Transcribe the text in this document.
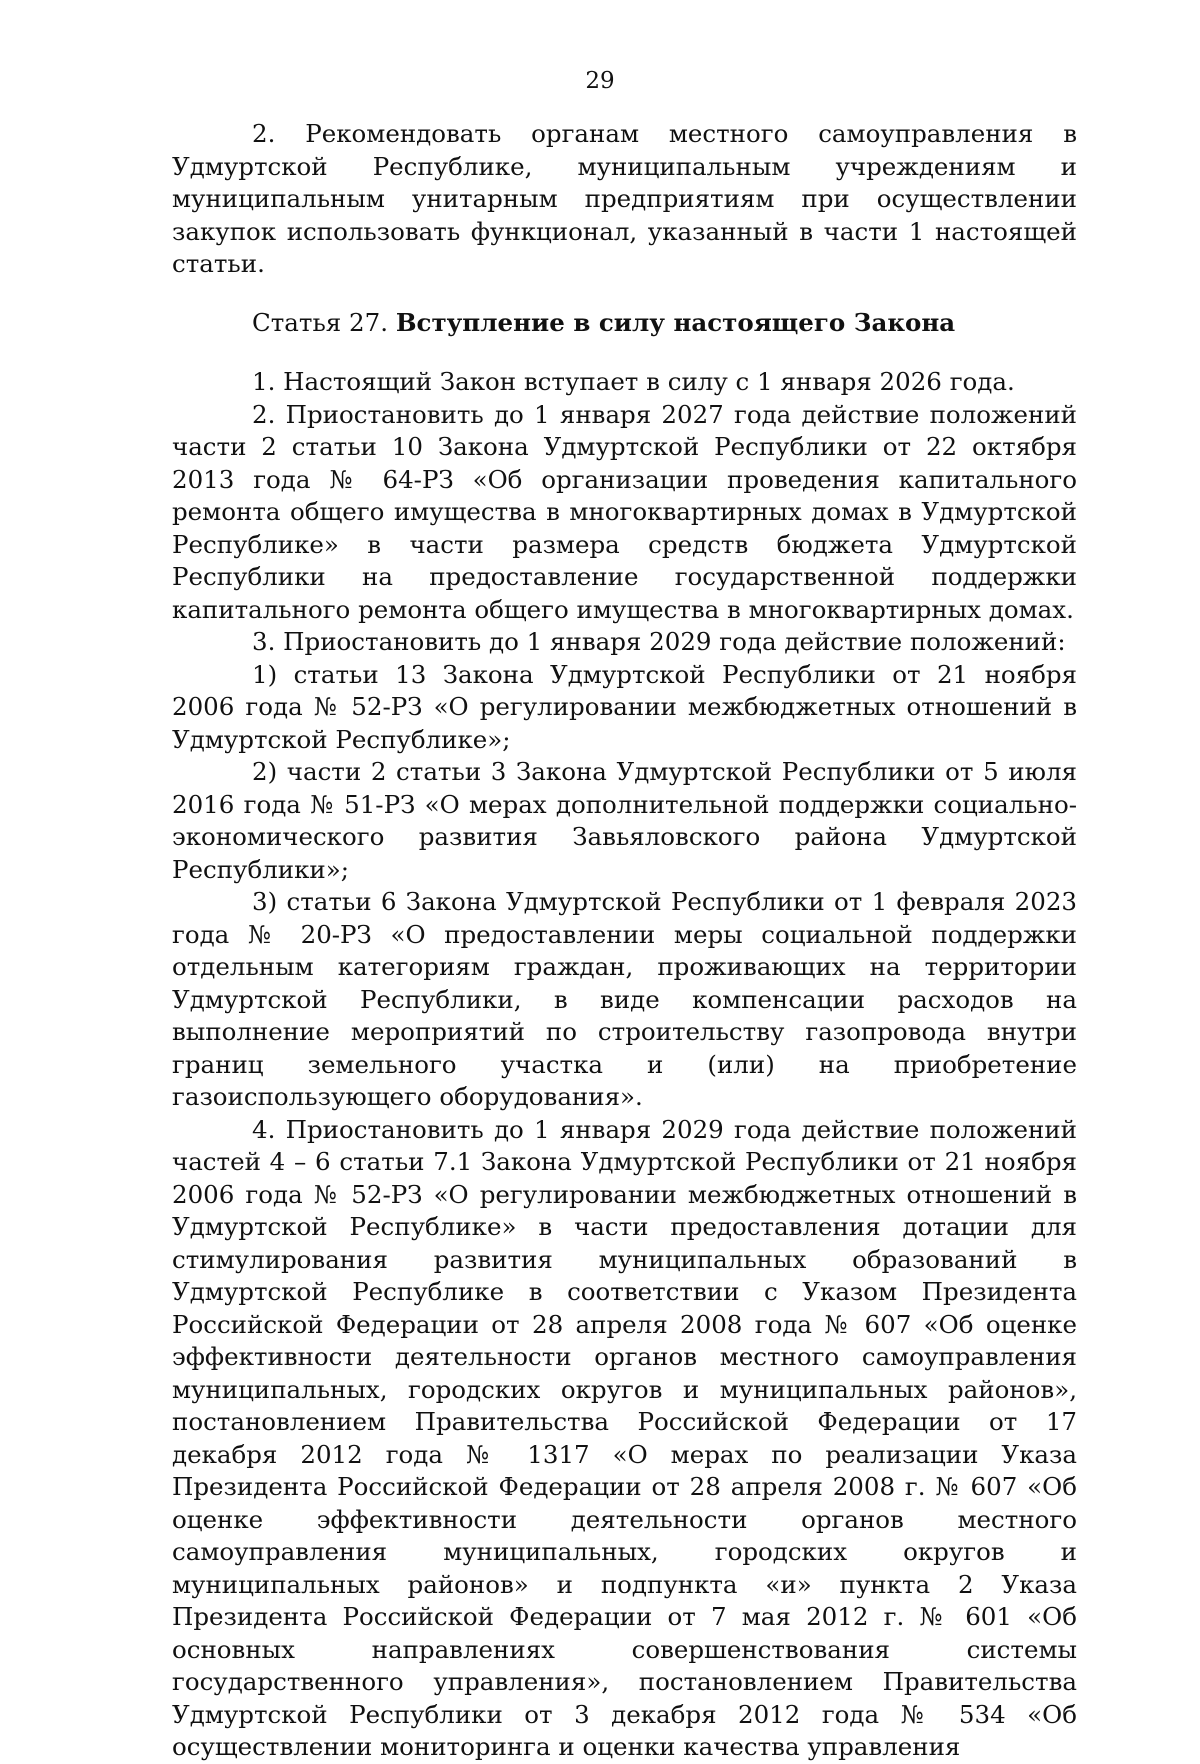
29

2. Рекомендовать органам местного самоуправления в Удмуртской Республике, муниципальным учреждениям и муниципальным унитарным предприятиям при осуществлении закупок использовать функционал, указанный в части 1 настоящей статьи.

Статья 27. Вступление в силу настоящего Закона

1. Настоящий Закон вступает в силу с 1 января 2026 года.

2. Приостановить до 1 января 2027 года действие положений части 2 статьи 10 Закона Удмуртской Республики от 22 октября 2013 года № 64-РЗ «Об организации проведения капитального ремонта общего имущества в многоквартирных домах в Удмуртской Республике» в части размера средств бюджета Удмуртской Республики на предоставление государственной поддержки капитального ремонта общего имущества в многоквартирных домах.

3. Приостановить до 1 января 2029 года действие положений:

1) статьи 13 Закона Удмуртской Республики от 21 ноября 2006 года № 52-РЗ «О регулировании межбюджетных отношений в Удмуртской Республике»;

2) части 2 статьи 3 Закона Удмуртской Республики от 5 июля 2016 года № 51-РЗ «О мерах дополнительной поддержки социально-экономического развития Завьяловского района Удмуртской Республики»;

3) статьи 6 Закона Удмуртской Республики от 1 февраля 2023 года № 20-РЗ «О предоставлении меры социальной поддержки отдельным категориям граждан, проживающих на территории Удмуртской Республики, в виде компенсации расходов на выполнение мероприятий по строительству газопровода внутри границ земельного участка и (или) на приобретение газоиспользующего оборудования».

4. Приостановить до 1 января 2029 года действие положений частей 4 – 6 статьи 7.1 Закона Удмуртской Республики от 21 ноября 2006 года № 52-РЗ «О регулировании межбюджетных отношений в Удмуртской Республике» в части предоставления дотации для стимулирования развития муниципальных образований в Удмуртской Республике в соответствии с Указом Президента Российской Федерации от 28 апреля 2008 года № 607 «Об оценке эффективности деятельности органов местного самоуправления муниципальных, городских округов и муниципальных районов», постановлением Правительства Российской Федерации от 17 декабря 2012 года № 1317 «О мерах по реализации Указа Президента Российской Федерации от 28 апреля 2008 г. № 607 «Об оценке эффективности деятельности органов местного самоуправления муниципальных, городских округов и муниципальных районов» и подпункта «и» пункта 2 Указа Президента Российской Федерации от 7 мая 2012 г. № 601 «Об основных направлениях совершенствования системы государственного управления», постановлением Правительства Удмуртской Республики от 3 декабря 2012 года № 534 «Об осуществлении мониторинга и оценки качества управления
